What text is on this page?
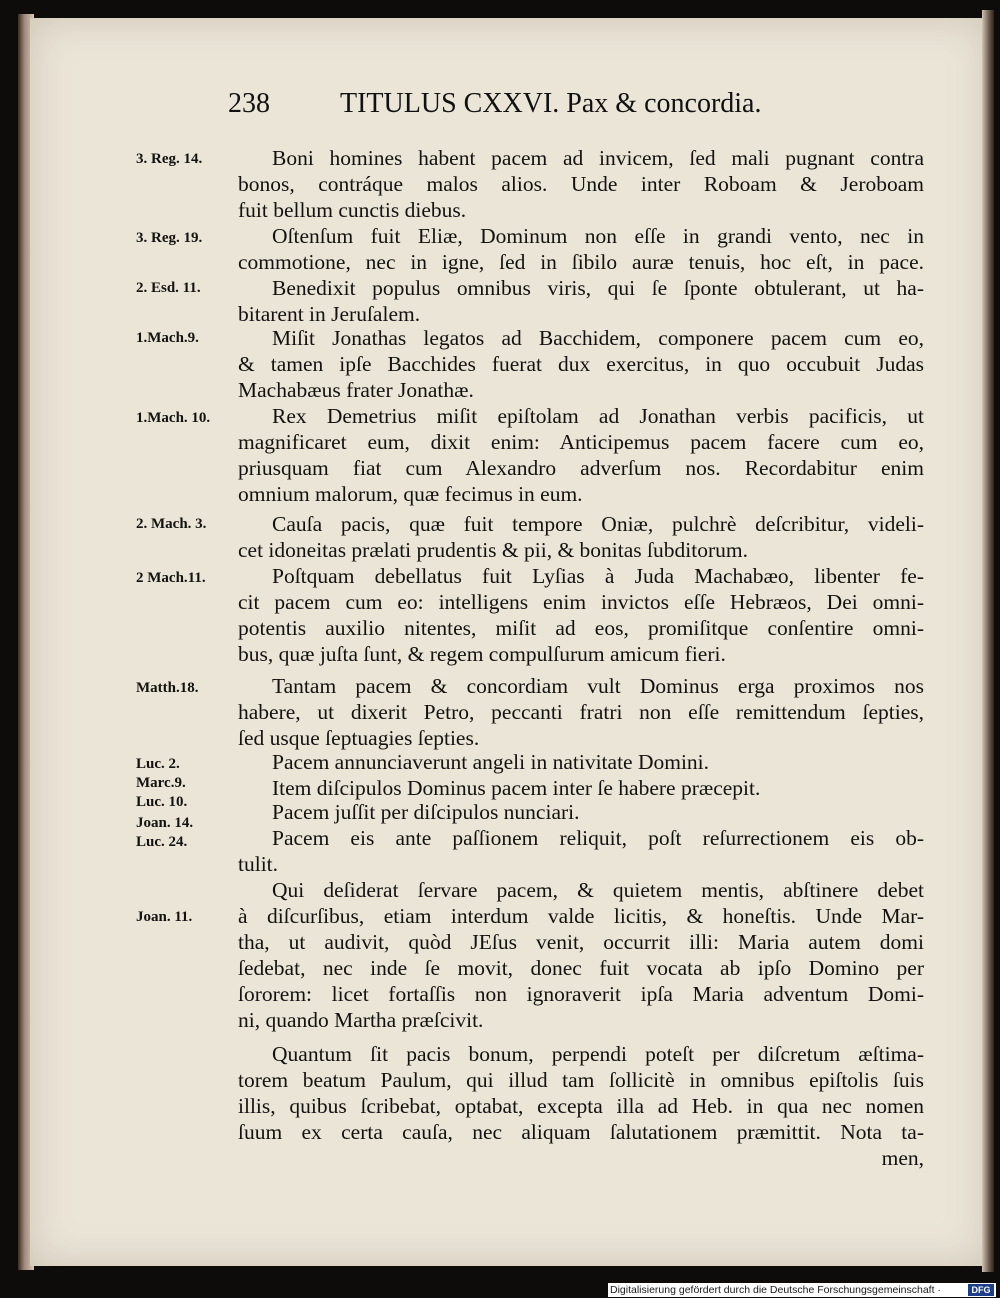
238	TITULUS CXXVI. Pax & concordia.
3. Reg. 14.
3. Reg. 19.
2. Esd. 11.
1.Mach.9.
1.Mach. 10.
2. Mach. 3.
2 Mach.11.
Matth.18.
Luc. 2.
Marc.9.
Luc. 10.
Joan. 14.
Luc. 24.
Joan. 11.
Boni homines habent pacem ad invicem, ſed mali pugnant contra
bonos, contráque malos alios. Unde inter Roboam & Jeroboam
fuit bellum cunctis diebus.
Oſtenſum fuit Eliæ, Dominum non eſſe in grandi vento, nec in
commotione, nec in igne, ſed in ſibilo auræ tenuis, hoc eſt, in pace.
Benedixit populus omnibus viris, qui ſe ſponte obtulerant, ut ha-
bitarent in Jeruſalem.
Miſit Jonathas legatos ad Bacchidem, componere pacem cum eo,
& tamen ipſe Bacchides fuerat dux exercitus, in quo occubuit Judas
Machabæus frater Jonathæ.
Rex Demetrius miſit epiſtolam ad Jonathan verbis pacificis, ut
magnificaret eum, dixit enim: Anticipemus pacem facere cum eo,
priusquam fiat cum Alexandro adverſum nos. Recordabitur enim
omnium malorum, quæ fecimus in eum.
Cauſa pacis, quæ fuit tempore Oniæ, pulchrè deſcribitur, videli-
cet idoneitas prælati prudentis & pii, & bonitas ſubditorum.
Poſtquam debellatus fuit Lyſias à Juda Machabæo, libenter fe-
cit pacem cum eo: intelligens enim invictos eſſe Hebræos, Dei omni-
potentis auxilio nitentes, miſit ad eos, promiſitque conſentire omni-
bus, quæ juſta ſunt, & regem compulſurum amicum fieri.
Tantam pacem & concordiam vult Dominus erga proximos nos
habere, ut dixerit Petro, peccanti fratri non eſſe remittendum ſepties,
ſed usque ſeptuagies ſepties.
Pacem annunciaverunt angeli in nativitate Domini.
Item diſcipulos Dominus pacem inter ſe habere præcepit.
Pacem juſſit per diſcipulos nunciari.
Pacem eis ante paſſionem reliquit, poſt reſurrectionem eis ob-
tulit.
Qui deſiderat ſervare pacem, & quietem mentis, abſtinere debet
à diſcurſibus, etiam interdum valde licitis, & honeſtis. Unde Mar-
tha, ut audivit, quòd JEſus venit, occurrit illi: Maria autem domi
ſedebat, nec inde ſe movit, donec fuit vocata ab ipſo Domino per
ſororem: licet fortaſſis non ignoraverit ipſa Maria adventum Domi-
ni, quando Martha præſcivit.
Quantum ſit pacis bonum, perpendi poteſt per diſcretum æſtima-
torem beatum Paulum, qui illud tam ſollicitè in omnibus epiſtolis ſuis
illis, quibus ſcribebat, optabat, excepta illa ad Heb. in qua nec nomen
ſuum ex certa cauſa, nec aliquam ſalutationem præmittit. Nota ta-
men,
Digitalisierung gefördert durch die Deutsche Forschungsgemeinschaft ·	DFG
